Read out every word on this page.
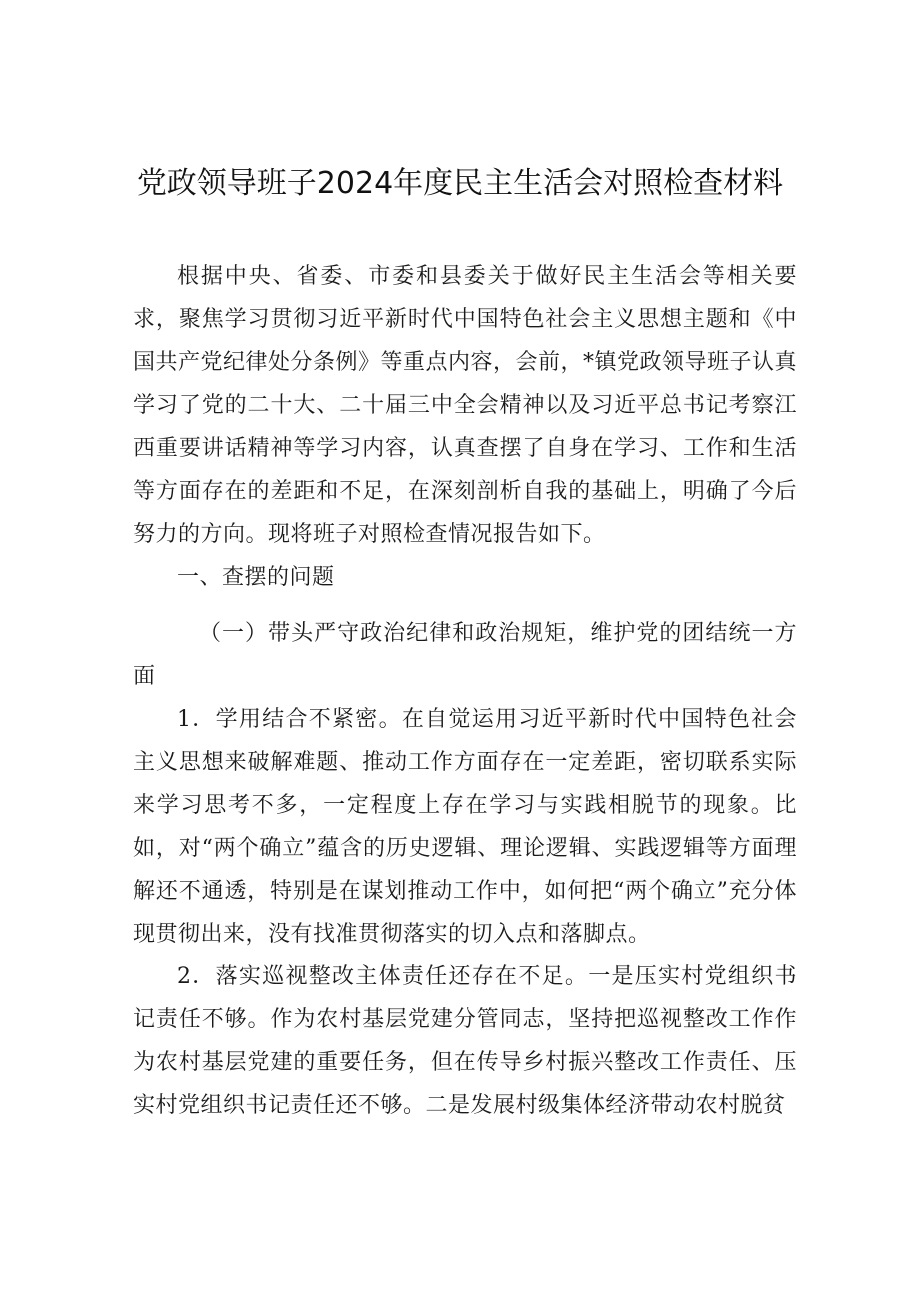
党政领导班子2024年度民主生活会对照检查材料

根据中央、省委、市委和县委关于做好民主生活会等相关要求，聚焦学习贯彻习近平新时代中国特色社会主义思想主题和《中国共产党纪律处分条例》等重点内容，会前，*镇党政领导班子认真学习了党的二十大、二十届三中全会精神以及习近平总书记考察江西重要讲话精神等学习内容，认真查摆了自身在学习、工作和生活等方面存在的差距和不足，在深刻剖析自我的基础上，明确了今后努力的方向。现将班子对照检查情况报告如下。

一、查摆的问题

（一）带头严守政治纪律和政治规矩，维护党的团结统一方面

1．学用结合不紧密。在自觉运用习近平新时代中国特色社会主义思想来破解难题、推动工作方面存在一定差距，密切联系实际来学习思考不多，一定程度上存在学习与实践相脱节的现象。比如，对“两个确立”蕴含的历史逻辑、理论逻辑、实践逻辑等方面理解还不通透，特别是在谋划推动工作中，如何把“两个确立”充分体现贯彻出来，没有找准贯彻落实的切入点和落脚点。

2．落实巡视整改主体责任还存在不足。一是压实村党组织书记责任不够。作为农村基层党建分管同志，坚持把巡视整改工作作为农村基层党建的重要任务，但在传导乡村振兴整改工作责任、压实村党组织书记责任还不够。二是发展村级集体经济带动农村脱贫
